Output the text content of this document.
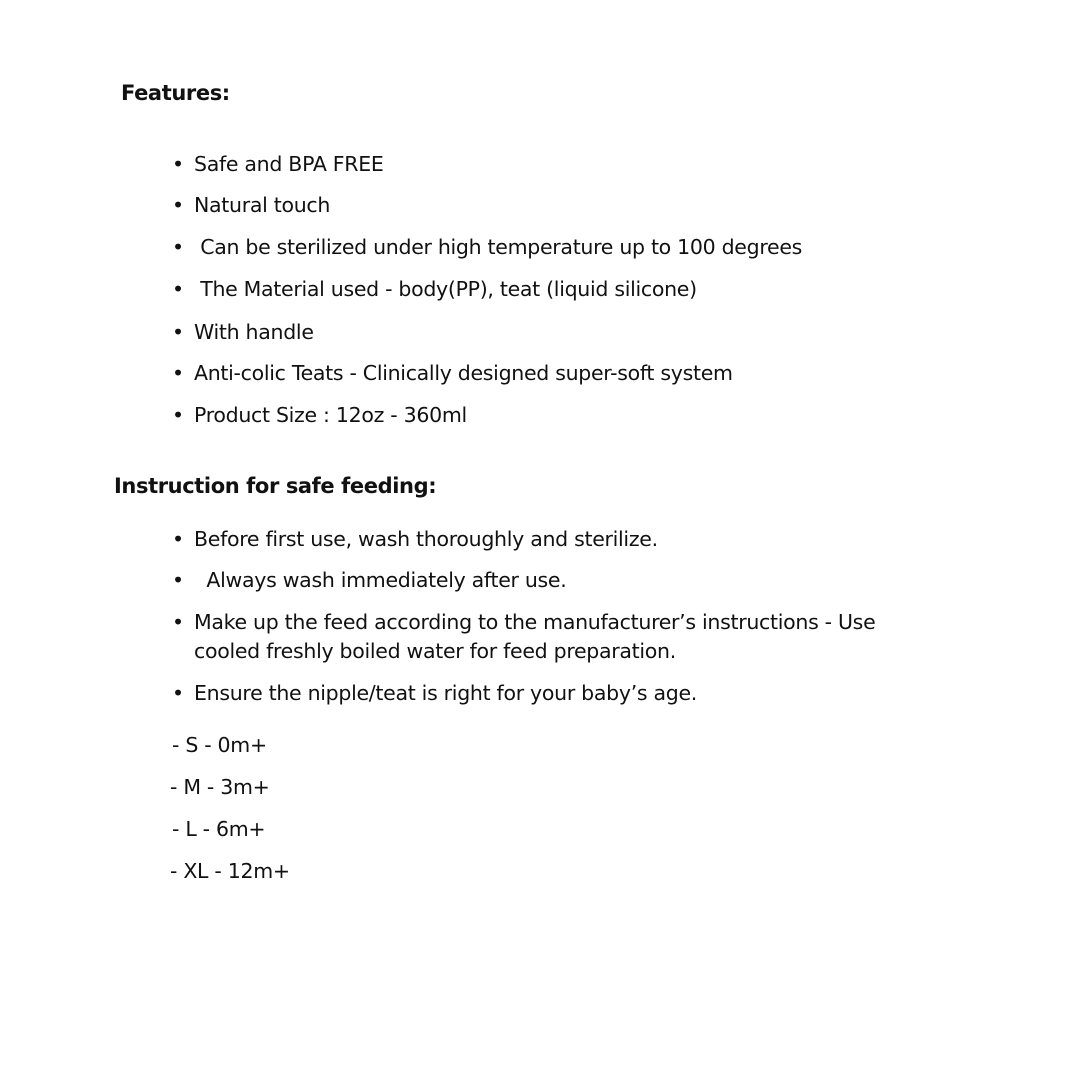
Features:
• Safe and BPA FREE
• Natural touch
• Can be sterilized under high temperature up to 100 degrees
• The Material used - body(PP), teat (liquid silicone)
• With handle
• Anti-colic Teats - Clinically designed super-soft system
• Product Size : 12oz - 360ml
Instruction for safe feeding:
• Before first use, wash thoroughly and sterilize.
• Always wash immediately after use.
• Make up the feed according to the manufacturer’s instructions - Use cooled freshly boiled water for feed preparation.
• Ensure the nipple/teat is right for your baby’s age.
- S - 0m+
- M - 3m+
- L - 6m+
- XL - 12m+
